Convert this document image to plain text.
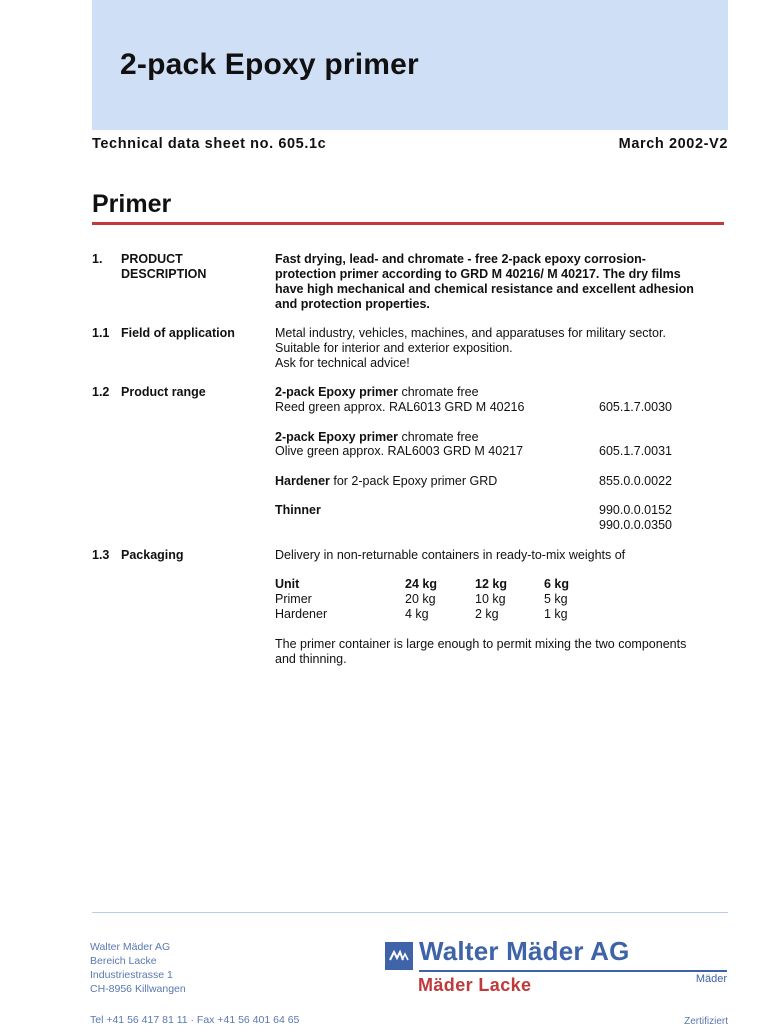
2-pack Epoxy primer
Technical data sheet no. 605.1c	March 2002-V2
Primer
1. PRODUCT
DESCRIPTION
Fast drying, lead- and chromate - free 2-pack epoxy corrosion-
protection primer according to GRD M 40216/ M 40217. The dry films
have high mechanical and chemical resistance and excellent adhesion
and protection properties.
1.1 Field of application	Metal industry, vehicles, machines, and apparatuses for military sector.
Suitable for interior and exterior exposition.
Ask for technical advice!
1.2 Product range	2-pack Epoxy primer chromate free
Reed green approx. RAL6013 GRD M 40216	605.1.7.0030
2-pack Epoxy primer chromate free
Olive green approx. RAL6003 GRD M 40217	605.1.7.0031
Hardener for 2-pack Epoxy primer GRD	855.0.0.0022
Thinner	990.0.0.0152
990.0.0.0350
1.3 Packaging	Delivery in non-returnable containers in ready-to-mix weights of
Unit	24 kg	12 kg	6 kg
Primer	20 kg	10 kg	5 kg
Hardener	4 kg	2 kg	1 kg
The primer container is large enough to permit mixing the two components
and thinning.
Walter Mäder AG
Bereich Lacke
Industriestrasse 1
CH-8956 Killwangen
Tel +41 56 417 81 11 · Fax +41 56 401 64 65
Walter Mäder AG
Mäder Lacke	Mäder
Zertifiziert
